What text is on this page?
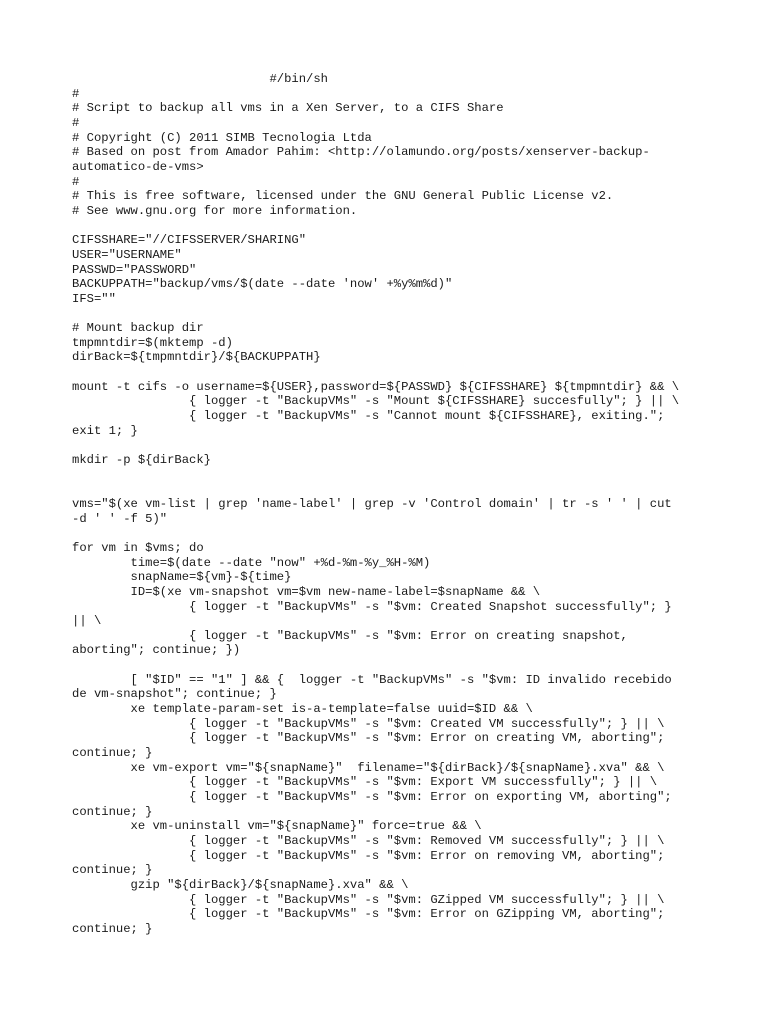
#/bin/sh
#
# Script to backup all vms in a Xen Server, to a CIFS Share
#
# Copyright (C) 2011 SIMB Tecnologia Ltda
# Based on post from Amador Pahim: <http://olamundo.org/posts/xenserver-backup-
automatico-de-vms>
#
# This is free software, licensed under the GNU General Public License v2.
# See www.gnu.org for more information.
CIFSSHARE="//CIFSSERVER/SHARING"
USER="USERNAME"
PASSWD="PASSWORD"
BACKUPPATH="backup/vms/$(date --date 'now' +%y%m%d)"
IFS=""
# Mount backup dir
tmpmntdir=$(mktemp -d)
dirBack=${tmpmntdir}/${BACKUPPATH}
mount -t cifs -o username=${USER},password=${PASSWD} ${CIFSSHARE} ${tmpmntdir} && \
{ logger -t "BackupVMs" -s "Mount ${CIFSSHARE} succesfully"; } || \
{ logger -t "BackupVMs" -s "Cannot mount ${CIFSSHARE}, exiting.";
exit 1; }
mkdir -p ${dirBack}
vms="$(xe vm-list | grep 'name-label' | grep -v 'Control domain' | tr -s ' ' | cut
-d ' ' -f 5)"
for vm in $vms; do
time=$(date --date "now" +%d-%m-%y_%H-%M)
snapName=${vm}-${time}
ID=$(xe vm-snapshot vm=$vm new-name-label=$snapName && \
{ logger -t "BackupVMs" -s "$vm: Created Snapshot successfully"; }
|| \
{ logger -t "BackupVMs" -s "$vm: Error on creating snapshot,
aborting"; continue; })
[ "$ID" == "1" ] && {  logger -t "BackupVMs" -s "$vm: ID invalido recebido
de vm-snapshot"; continue; }
xe template-param-set is-a-template=false uuid=$ID && \
{ logger -t "BackupVMs" -s "$vm: Created VM successfully"; } || \
{ logger -t "BackupVMs" -s "$vm: Error on creating VM, aborting";
continue; }
xe vm-export vm="${snapName}"  filename="${dirBack}/${snapName}.xva" && \
{ logger -t "BackupVMs" -s "$vm: Export VM successfully"; } || \
{ logger -t "BackupVMs" -s "$vm: Error on exporting VM, aborting";
continue; }
xe vm-uninstall vm="${snapName}" force=true && \
{ logger -t "BackupVMs" -s "$vm: Removed VM successfully"; } || \
{ logger -t "BackupVMs" -s "$vm: Error on removing VM, aborting";
continue; }
gzip "${dirBack}/${snapName}.xva" && \
{ logger -t "BackupVMs" -s "$vm: GZipped VM successfully"; } || \
{ logger -t "BackupVMs" -s "$vm: Error on GZipping VM, aborting";
continue; }
